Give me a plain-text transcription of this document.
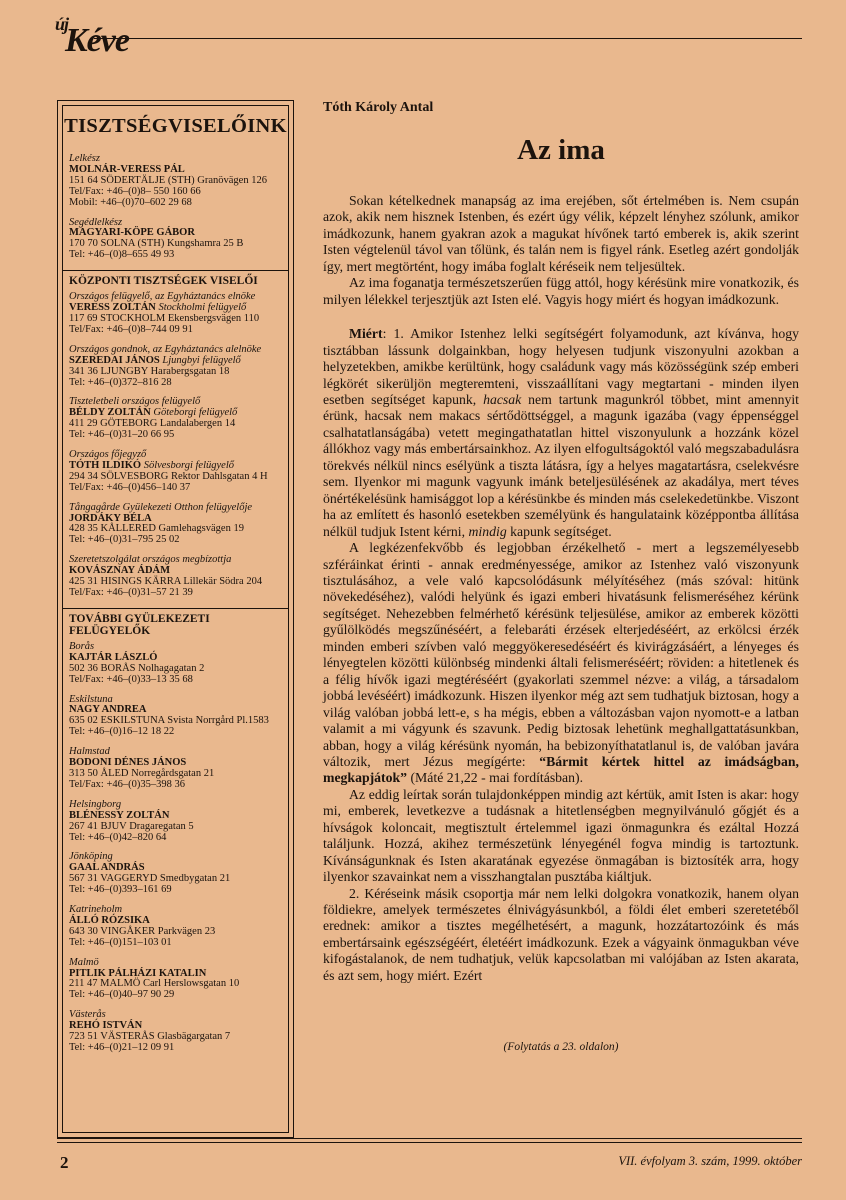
új
Kéve
TISZTSÉGVISELŐINK
Lelkész
MOLNÁR-VERESS PÁL
151 64 SÖDERTÄLJE (STH) Granövägen 126
Tel/Fax: +46–(0)8– 550 160 66
Mobil: +46–(0)70–602 29 68
Segédlelkész
MAGYARI-KÖPE GÁBOR
170 70 SOLNA (STH) Kungshamra 25 B
Tel: +46–(0)8–655 49 93
KÖZPONTI TISZTSÉGEK VISELŐI
Országos felügyelő, az Egyháztanács elnöke
VERESS ZOLTÁN Stockholmi felügyelő
117 69 STOCKHOLM Ekensbergsvägen 110
Tel/Fax: +46–(0)8–744 09 91
Országos gondnok, az Egyháztanács alelnöke
SZEREDAI JÁNOS Ljungbyi felügyelő
341 36 LJUNGBY Harabergsgatan 18
Tel: +46–(0)372–816 28
Tiszteletbeli országos felügyelő
BÉLDY ZOLTÁN Göteborgi felügyelő
411 29 GÖTEBORG Landalabergen 14
Tel: +46–(0)31–20 66 95
Országos főjegyző
TÓTH ILDIKÓ Sölvesborgi felügyelő
294 34 SÖLVESBORG Rektor Dahlsgatan 4 H
Tel/Fax: +46–(0)456–140 37
Tångagårde Gyülekezeti Otthon felügyelője
JORDÁKY BÉLA
428 35 KÅLLERED Gamlehagsvägen 19
Tel: +46–(0)31–795 25 02
Szeretetszolgálat országos megbízottja
KOVÁSZNAY ÁDÁM
425 31 HISINGS KÄRRA Lillekär Södra 204
Tel/Fax: +46–(0)31–57 21 39
TOVÁBBI GYÜLEKEZETI FELÜGYELŐK
Borås
KAJTÁR LÁSZLÓ
502 36 BORÅS Nolhagagatan 2
Tel/Fax: +46–(0)33–13 35 68
Eskilstuna
NAGY ANDREA
635 02 ESKILSTUNA Svista Norrgård Pl.1583
Tel: +46–(0)16–12 18 22
Halmstad
BODONI DÉNES JÁNOS
313 50 ÅLED Norregårdsgatan 21
Tel/Fax: +46–(0)35–398 36
Helsingborg
BLÉNESSY ZOLTÁN
267 41 BJUV Dragaregatan 5
Tel: +46–(0)42–820 64
Jönköping
GAAL ANDRÁS
567 31 VAGGERYD Smedbygatan 21
Tel: +46–(0)393–161 69
Katrineholm
ÁLLÓ RÓZSIKA
643 30 VINGÅKER Parkvägen 23
Tel: +46–(0)151–103 01
Malmö
PITLIK PÁLHÁZI KATALIN
211 47 MALMÖ Carl Herslowsgatan 10
Tel: +46–(0)40–97 90 29
Västerås
REHÓ ISTVÁN
723 51 VÄSTERÅS Glasbägargatan 7
Tel: +46–(0)21–12 09 91
Tóth Károly Antal
Az ima

Sokan kételkednek manapság az ima erejében, sőt értelmében is. Nem csupán azok, akik nem hisznek Istenben, és ezért úgy vélik, képzelt lényhez szólunk, amikor imádkozunk, hanem gyakran azok a magukat hívőnek tartó emberek is, akik szerint Isten végtelenül távol van tőlünk, és talán nem is figyel ránk. Esetleg azért gondolják így, mert megtörtént, hogy imába foglalt kéréseik nem teljesültek.

Az ima foganatja természetszerűen függ attól, hogy kérésünk mire vonatkozik, és milyen lélekkel terjesztjük azt Isten elé. Vagyis hogy miért és hogyan imádkozunk.

Miért: 1. Amikor Istenhez lelki segítségért folyamodunk, azt kívánva, hogy tisztábban lássunk dolgainkban, hogy helyesen tudjunk viszonyulni azokban a helyzetekben, amikbe kerültünk, hogy családunk vagy más közösségünk szép emberi légkörét sikerüljön megteremteni, visszaállítani vagy megtartani - minden ilyen esetben segítséget kapunk, hacsak nem tartunk magunkról többet, mint amennyit érünk, hacsak nem makacs sértődöttséggel, a magunk igazába (vagy éppenséggel csalhatatlanságába) vetett megingathatatlan hittel viszonyulunk a hozzánk közel állókhoz vagy más embertársainkhoz. Az ilyen elfogultságoktól való megszabadulásra törekvés nélkül nincs esélyünk a tiszta látásra, így a helyes magatartásra, cselekvésre sem. Ilyenkor mi magunk vagyunk imánk beteljesülésének az akadálya, mert téves önértékelésünk hamisággot lop a kérésünkbe és minden más cselekedetünkbe. Viszont ha az említett és hasonló esetekben személyünk és hangulataink középpontba állítása nélkül tudjuk Istent kérni, mindig kapunk segítséget.

A legkézenfekvőbb és legjobban érzékelhető - mert a legszemélyesebb szféráinkat érinti - annak eredményessége, amikor az Istenhez való viszonyunk tisztulásához, a vele való kapcsolódásunk mélyítéséhez (más szóval: hitünk növekedéséhez), valódi helyünk és igazi emberi hivatásunk felismeréséhez kérünk segítséget. Nehezebben felmérhető kérésünk teljesülése, amikor az emberek közötti gyűlölködés megszűnéséért, a felebaráti érzések elterjedéséért, az erkölcsi érzék minden emberi szívben való meggyökeresedéséért és kivirágzásáért, a lényeges és lényegtelen közötti különbség mindenki általi felismeréséért; röviden: a hitetlenek és a félig hívők igazi megtéréséért (gyakorlati szemmel nézve: a világ, a társadalom jobbá levéséért) imádkozunk. Hiszen ilyenkor még azt sem tudhatjuk biztosan, hogy a világ valóban jobbá lett-e, s ha mégis, ebben a változásban vajon nyomott-e a latban valamit a mi vágyunk és szavunk. Pedig biztosak lehetünk meghallgattatásunkban, abban, hogy a világ kérésünk nyomán, ha bebizonyíthatatlanul is, de valóban javára változik, mert Jézus megígérte: “Bármit kértek hittel az imádságban, megkapjátok” (Máté 21,22 - mai fordításban).

Az eddig leírtak során tulajdonképpen mindig azt kértük, amit Isten is akar: hogy mi, emberek, levetkezve a tudásnak a hitetlenségben megnyilvánuló gőgjét és a hívságok koloncait, megtisztult értelemmel igazi önmagunkra és ezáltal Hozzá találjunk. Hozzá, akihez természetünk lényegénél fogva mindig is tartoztunk. Kívánságunknak és Isten akaratának egyezése önmagában is biztosíték arra, hogy ilyenkor szavainkat nem a visszhangtalan pusztába kiáltjuk.

2. Kéréseink másik csoportja már nem lelki dolgokra vonatkozik, hanem olyan földiekre, amelyek természetes élnivágyásunkból, a földi élet emberi szeretetéből erednek: amikor a tisztes megélhetésért, a magunk, hozzátartozóink és más embertársaink egészségéért, életéért imádkozunk. Ezek a vágyaink önmagukban véve kifogástalanok, de nem tudhatjuk, velük kapcsolatban mi valójában az Isten akarata, és azt sem, hogy miért. Ezért

(Folytatás a 23. oldalon)
2	VII. évfolyam 3. szám, 1999. október
